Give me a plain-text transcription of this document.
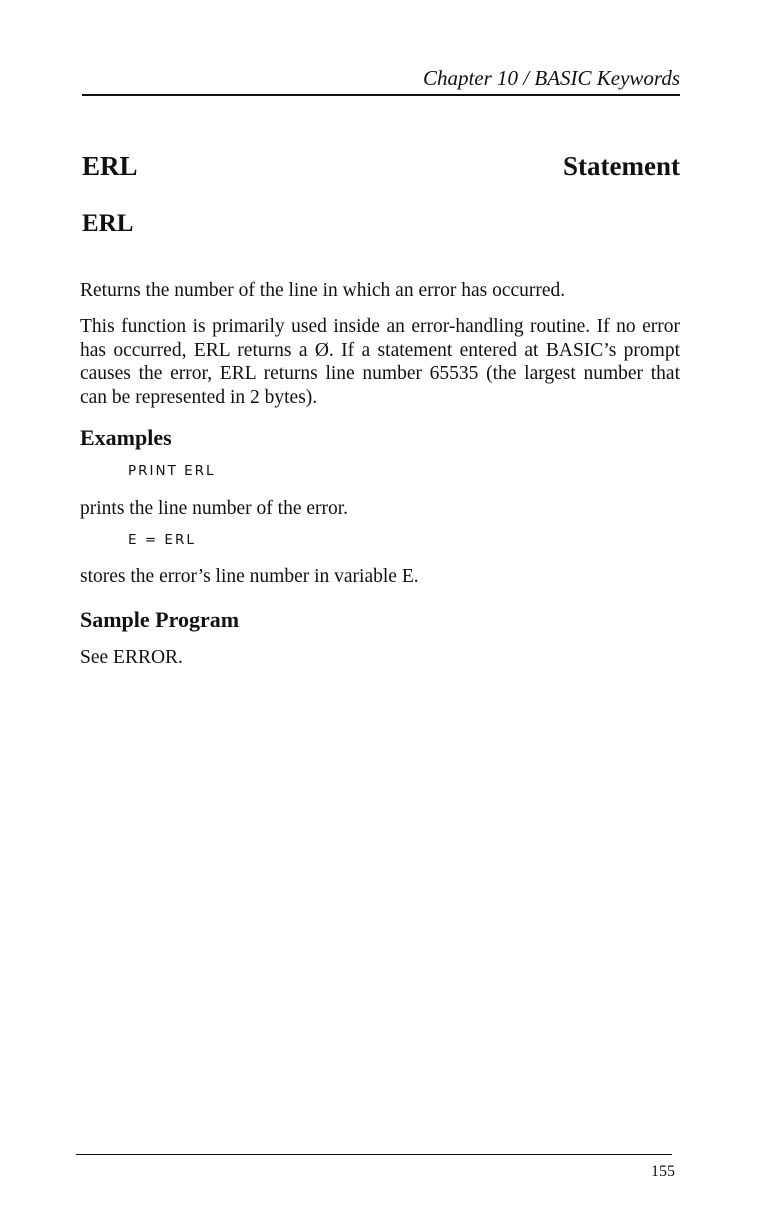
Chapter 10 / BASIC Keywords
ERL	Statement
ERL
Returns the number of the line in which an error has occurred.
This function is primarily used inside an error-handling routine. If no error has occurred, ERL returns a Ø. If a statement entered at BASIC’s prompt causes the error, ERL returns line number 65535 (the largest number that can be represented in 2 bytes).
Examples
PRINT ERL
prints the line number of the error.
E = ERL
stores the error’s line number in variable E.
Sample Program
See ERROR.
155
